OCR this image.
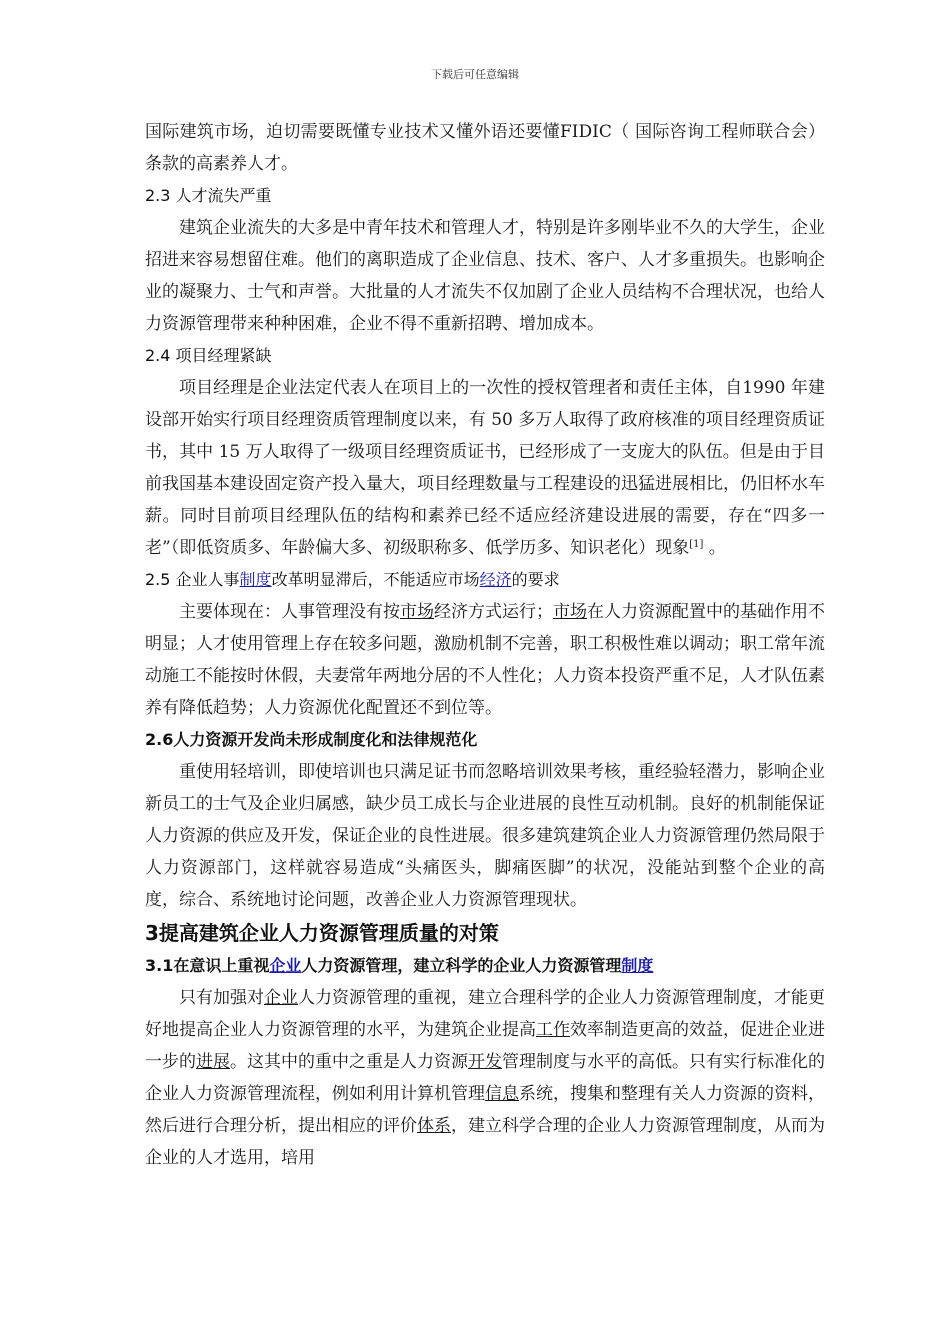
下载后可任意编辑

国际建筑市场，迫切需要既懂专业技术又懂外语还要懂FIDIC（ 国际咨询工程师联合会）条款的高素养人才。

2.3 人才流失严重

建筑企业流失的大多是中青年技术和管理人才，特别是许多刚毕业不久的大学生，企业招进来容易想留住难。他们的离职造成了企业信息、技术、客户、人才多重损失。也影响企业的凝聚力、士气和声誉。大批量的人才流失不仅加剧了企业人员结构不合理状况，也给人力资源管理带来种种困难，企业不得不重新招聘、增加成本。

2.4 项目经理紧缺

项目经理是企业法定代表人在项目上的一次性的授权管理者和责任主体，自1990 年建设部开始实行项目经理资质管理制度以来，有 50 多万人取得了政府核准的项目经理资质证书，其中 15 万人取得了一级项目经理资质证书，已经形成了一支庞大的队伍。但是由于目前我国基本建设固定资产投入量大，项目经理数量与工程建设的迅猛进展相比，仍旧杯水车薪。同时目前项目经理队伍的结构和素养已经不适应经济建设进展的需要，存在“四多一老”（即低资质多、年龄偏大多、初级职称多、低学历多、知识老化）现象[1] 。

2.5 企业人事制度改革明显滞后，不能适应市场经济的要求

主要体现在：人事管理没有按市场经济方式运行；市场在人力资源配置中的基础作用不明显；人才使用管理上存在较多问题，激励机制不完善，职工积极性难以调动；职工常年流动施工不能按时休假，夫妻常年两地分居的不人性化；人力资本投资严重不足，人才队伍素养有降低趋势；人力资源优化配置还不到位等。

2.6人力资源开发尚未形成制度化和法律规范化

重使用轻培训，即使培训也只满足证书而忽略培训效果考核，重经验轻潜力，影响企业新员工的士气及企业归属感，缺少员工成长与企业进展的良性互动机制。良好的机制能保证人力资源的供应及开发，保证企业的良性进展。很多建筑建筑企业人力资源管理仍然局限于人力资源部门，这样就容易造成“头痛医头，脚痛医脚”的状况，没能站到整个企业的高度，综合、系统地讨论问题，改善企业人力资源管理现状。

3提高建筑企业人力资源管理质量的对策
3.1在意识上重视企业人力资源管理，建立科学的企业人力资源管理制度

只有加强对企业人力资源管理的重视，建立合理科学的企业人力资源管理制度，才能更好地提高企业人力资源管理的水平，为建筑企业提高工作效率制造更高的效益，促进企业进一步的进展。这其中的重中之重是人力资源开发管理制度与水平的高低。只有实行标准化的企业人力资源管理流程，例如利用计算机管理信息系统，搜集和整理有关人力资源的资料，然后进行合理分析，提出相应的评价体系，建立科学合理的企业人力资源管理制度，从而为企业的人才选用，培用
